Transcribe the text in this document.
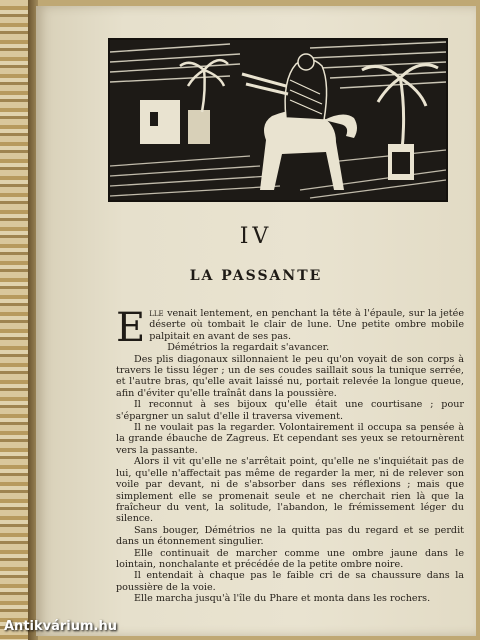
IV
LA PASSANTE

Elle venait lentement, en penchant la tête à l'épaule, sur la jetée déserte où tombait le clair de lune. Une petite ombre mobile palpitait en avant de ses pas.

Démétrios la regardait s'avancer.

Des plis diagonaux sillonnaient le peu qu'on voyait de son corps à travers le tissu léger ; un de ses coudes saillait sous la tunique serrée, et l'autre bras, qu'elle avait laissé nu, portait relevée la longue queue, afin d'éviter qu'elle traînât dans la poussière.

Il reconnut à ses bijoux qu'elle était une courtisane ; pour s'épargner un salut d'elle il traversa vivement.

Il ne voulait pas la regarder. Volontairement il occupa sa pensée à la grande ébauche de Zagreus. Et cependant ses yeux se retournèrent vers la passante.

Alors il vit qu'elle ne s'arrêtait point, qu'elle ne s'inquiétait pas de lui, qu'elle n'affectait pas même de regarder la mer, ni de relever son voile par devant, ni de s'absorber dans ses réflexions ; mais que simplement elle se promenait seule et ne cherchait rien là que la fraîcheur du vent, la solitude, l'abandon, le frémissement léger du silence.

Sans bouger, Démétrios ne la quitta pas du regard et se perdit dans un étonnement singulier.

Elle continuait de marcher comme une ombre jaune dans le lointain, nonchalante et précédée de la petite ombre noire.

Il entendait à chaque pas le faible cri de sa chaussure dans la poussière de la voie.

Elle marcha jusqu'à l'île du Phare et monta dans les rochers.

Antikvárium.hu
